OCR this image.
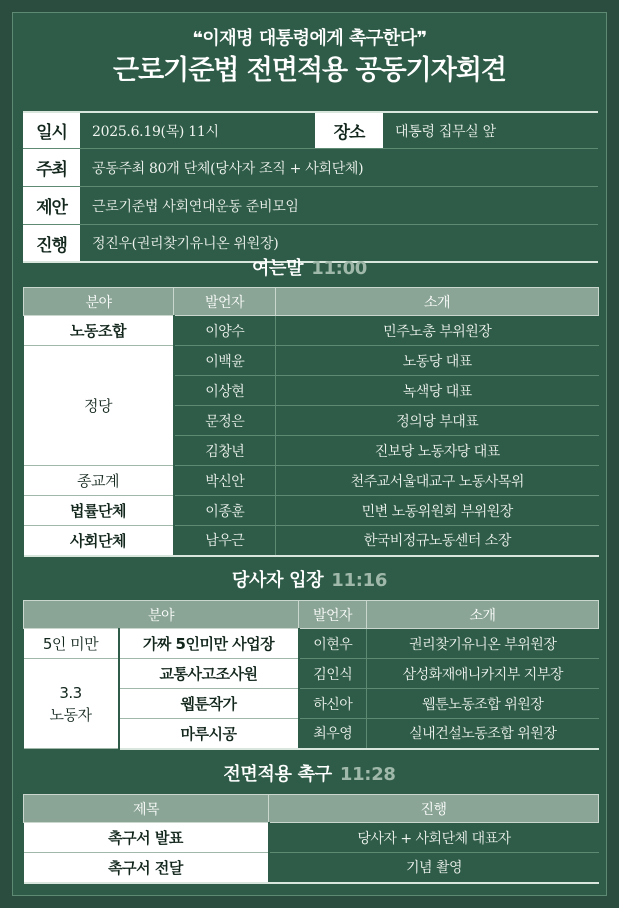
❝이재명 대통령에게 촉구한다❞
근로기준법 전면적용 공동기자회견
일시	2025.6.19(목) 11시	장소	대통령 집무실 앞
주최	공동주최 80개 단체(당사자 조직 + 사회단체)
제안	근로기준법 사회연대운동 준비모임
진행	정진우(권리찾기유니온 위원장)
여는말 11:00
분야	발언자	소개
노동조합	이양수	민주노총 부위원장
정당	이백윤	노동당 대표
	이상현	녹색당 대표
	문정은	정의당 부대표
	김창년	진보당 노동자당 대표
종교계	박신안	천주교서울대교구 노동사목위
법률단체	이종훈	민변 노동위원회 부위원장
사회단체	남우근	한국비정규노동센터 소장
당사자 입장 11:16
분야		발언자	소개
5인 미만	가짜 5인미만 사업장	이현우	권리찾기유니온 부위원장
3.3
노동자	교통사고조사원	김인식	삼성화재애니카지부 지부장
	웹툰작가	하신아	웹툰노동조합 위원장
	마루시공	최우영	실내건설노동조합 위원장
전면적용 촉구 11:28
제목	진행
촉구서 발표	당사자 + 사회단체 대표자
촉구서 전달	기념 촬영
